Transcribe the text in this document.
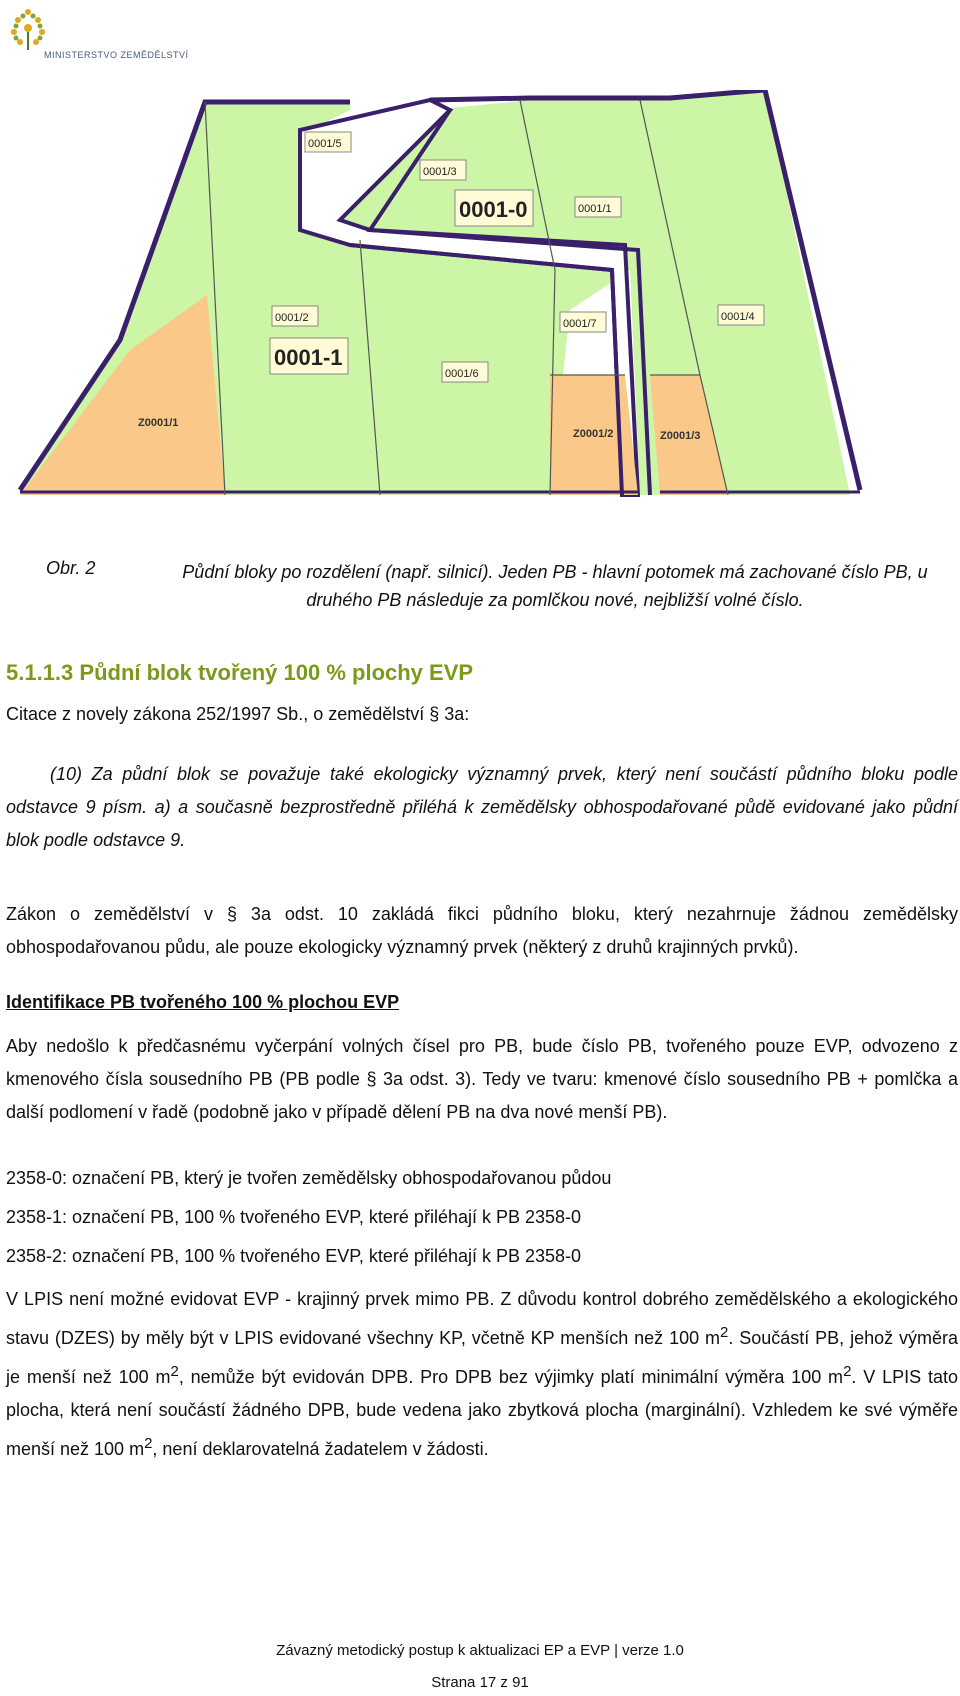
MINISTERSTVO ZEMĚDĚLSTVÍ
0001/5
0001/3
0001-0	0001/1
0001/2
0001-1
0001/6
0001/7
0001/4
Z0001/1
Z0001/2	Z0001/3
Obr. 2	Půdní bloky po rozdělení (např. silnicí). Jeden PB - hlavní potomek má zachované číslo PB, u druhého PB následuje za pomlčkou nové, nejbližší volné číslo.
5.1.1.3 Půdní blok tvořený 100 % plochy EVP
Citace z novely zákona 252/1997 Sb., o zemědělství § 3a:
(10) Za půdní blok se považuje také ekologicky významný prvek, který není součástí půdního bloku podle odstavce 9 písm. a) a současně bezprostředně přiléhá k zemědělsky obhospodařované půdě evidované jako půdní blok podle odstavce 9.
Zákon o zemědělství v § 3a odst. 10 zakládá fikci půdního bloku, který nezahrnuje žádnou zemědělsky obhospodařovanou půdu, ale pouze ekologicky významný prvek (některý z druhů krajinných prvků).
Identifikace PB tvořeného 100 % plochou EVP
Aby nedošlo k předčasnému vyčerpání volných čísel pro PB, bude číslo PB, tvořeného pouze EVP, odvozeno z kmenového čísla sousedního PB (PB podle § 3a odst. 3). Tedy ve tvaru: kmenové číslo sousedního PB + pomlčka a další podlomení v řadě (podobně jako v případě dělení PB na dva nové menší PB).
2358-0: označení PB, který je tvořen zemědělsky obhospodařovanou půdou
2358-1: označení PB, 100 % tvořeného EVP, které přiléhají k PB 2358-0
2358-2: označení PB, 100 % tvořeného EVP, které přiléhají k PB 2358-0
V LPIS není možné evidovat EVP - krajinný prvek mimo PB. Z důvodu kontrol dobrého zemědělského a ekologického stavu (DZES) by měly být v LPIS evidované všechny KP, včetně KP menších než 100 $m^2$. Součástí PB, jehož výměra je menší než 100 $m^2$, nemůže být evidován DPB. Pro DPB bez výjimky platí minimální výměra 100 $m^2$. V LPIS tato plocha, která není součástí žádného DPB, bude vedena jako zbytková plocha (marginální). Vzhledem ke své výměře menší než 100 $m^2$, není deklarovatelná žadatelem v žádosti.
Závazný metodický postup k aktualizaci EP a EVP | verze 1.0
Strana 17 z 91
